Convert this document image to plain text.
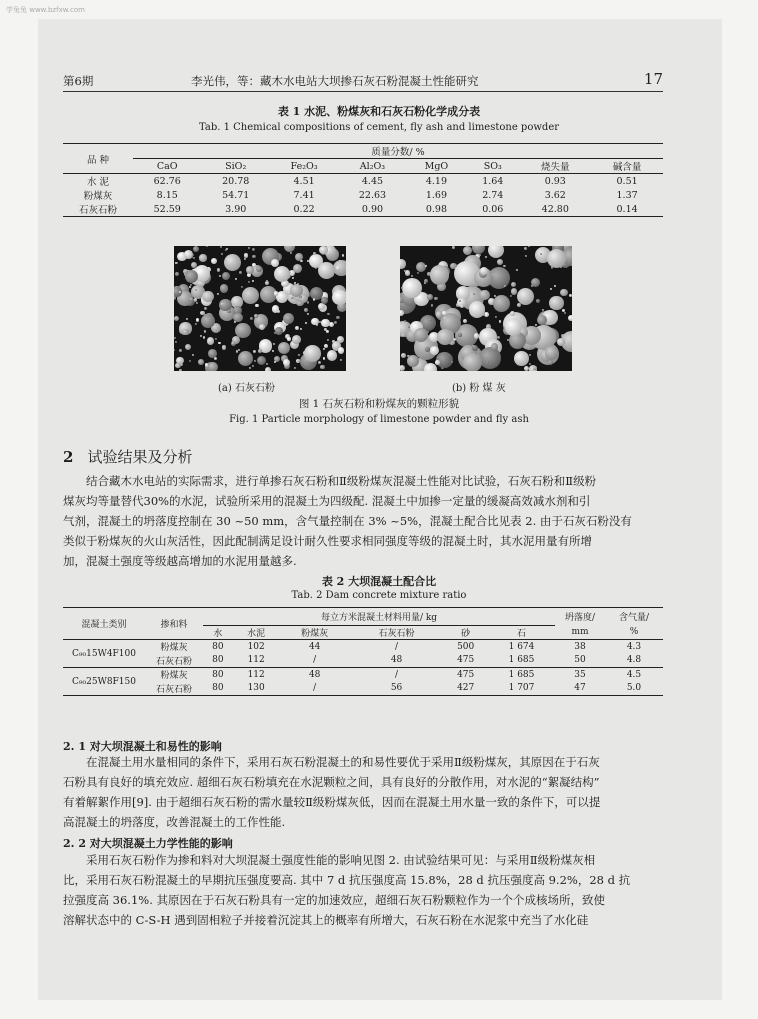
学兔兔 www.bzfxw.com
第6期	李光伟，等：藏木水电站大坝掺石灰石粉混凝土性能研究	17
表 1 水泥、粉煤灰和石灰石粉化学成分表
Tab. 1 Chemical compositions of cement, fly ash and limestone powder
品 种	质量分数/ %							
	CaO	SiO₂	Fe₂O₃	Al₂O₃	MgO	SO₃	烧失量	碱含量
水 泥	62.76	20.78	4.51	4.45	4.19	1.64	0.93	0.51
粉煤灰	8.15	54.71	7.41	22.63	1.69	2.74	3.62	1.37
石灰石粉	52.59	3.90	0.22	0.90	0.98	0.06	42.80	0.14
(a) 石灰石粉	(b) 粉 煤 灰
图 1 石灰石粉和粉煤灰的颗粒形貌
Fig. 1 Particle morphology of limestone powder and fly ash
2 试验结果及分析
结合藏木水电站的实际需求，进行单掺石灰石粉和Ⅱ级粉煤灰混凝土性能对比试验，石灰石粉和Ⅱ级粉
煤灰均等量替代30%的水泥，试验所采用的混凝土为四级配. 混凝土中加掺一定量的缓凝高效减水剂和引
气剂，混凝土的坍落度控制在 30 ~50 mm，含气量控制在 3% ~5%，混凝土配合比见表 2. 由于石灰石粉没有
类似于粉煤灰的火山灰活性，因此配制满足设计耐久性要求相同强度等级的混凝土时，其水泥用量有所增
加，混凝土强度等级越高增加的水泥用量越多.
表 2 大坝混凝土配合比
Tab. 2 Dam concrete mixture ratio
混凝土类别	掺和料	每立方米混凝土材料用量/ kg						坍落度/	含气量/
		水	水泥	粉煤灰	石灰石粉	砂	石	mm	%
C₉₀15W4F100	粉煤灰	80	102	44	/	500	1 674	38	4.3
	石灰石粉	80	112	/	48	475	1 685	50	4.8
C₉₀25W8F150	粉煤灰	80	112	48	/	475	1 685	35	4.5
	石灰石粉	80	130	/	56	427	1 707	47	5.0
2. 1 对大坝混凝土和易性的影响
在混凝土用水量相同的条件下，采用石灰石粉混凝土的和易性要优于采用Ⅱ级粉煤灰，其原因在于石灰
石粉具有良好的填充效应. 超细石灰石粉填充在水泥颗粒之间，具有良好的分散作用，对水泥的“絮凝结构”
有着解絮作用[9]. 由于超细石灰石粉的需水量较Ⅱ级粉煤灰低，因而在混凝土用水量一致的条件下，可以提
高混凝土的坍落度，改善混凝土的工作性能.
2. 2 对大坝混凝土力学性能的影响
采用石灰石粉作为掺和料对大坝混凝土强度性能的影响见图 2. 由试验结果可见：与采用Ⅱ级粉煤灰相
比，采用石灰石粉混凝土的早期抗压强度要高. 其中 7 d 抗压强度高 15.8%，28 d 抗压强度高 9.2%，28 d 抗
拉强度高 36.1%. 其原因在于石灰石粉具有一定的加速效应，超细石灰石粉颗粒作为一个个成核场所，致使
溶解状态中的 C-S-H 遇到固相粒子并接着沉淀其上的概率有所增大，石灰石粉在水泥浆中充当了水化硅
